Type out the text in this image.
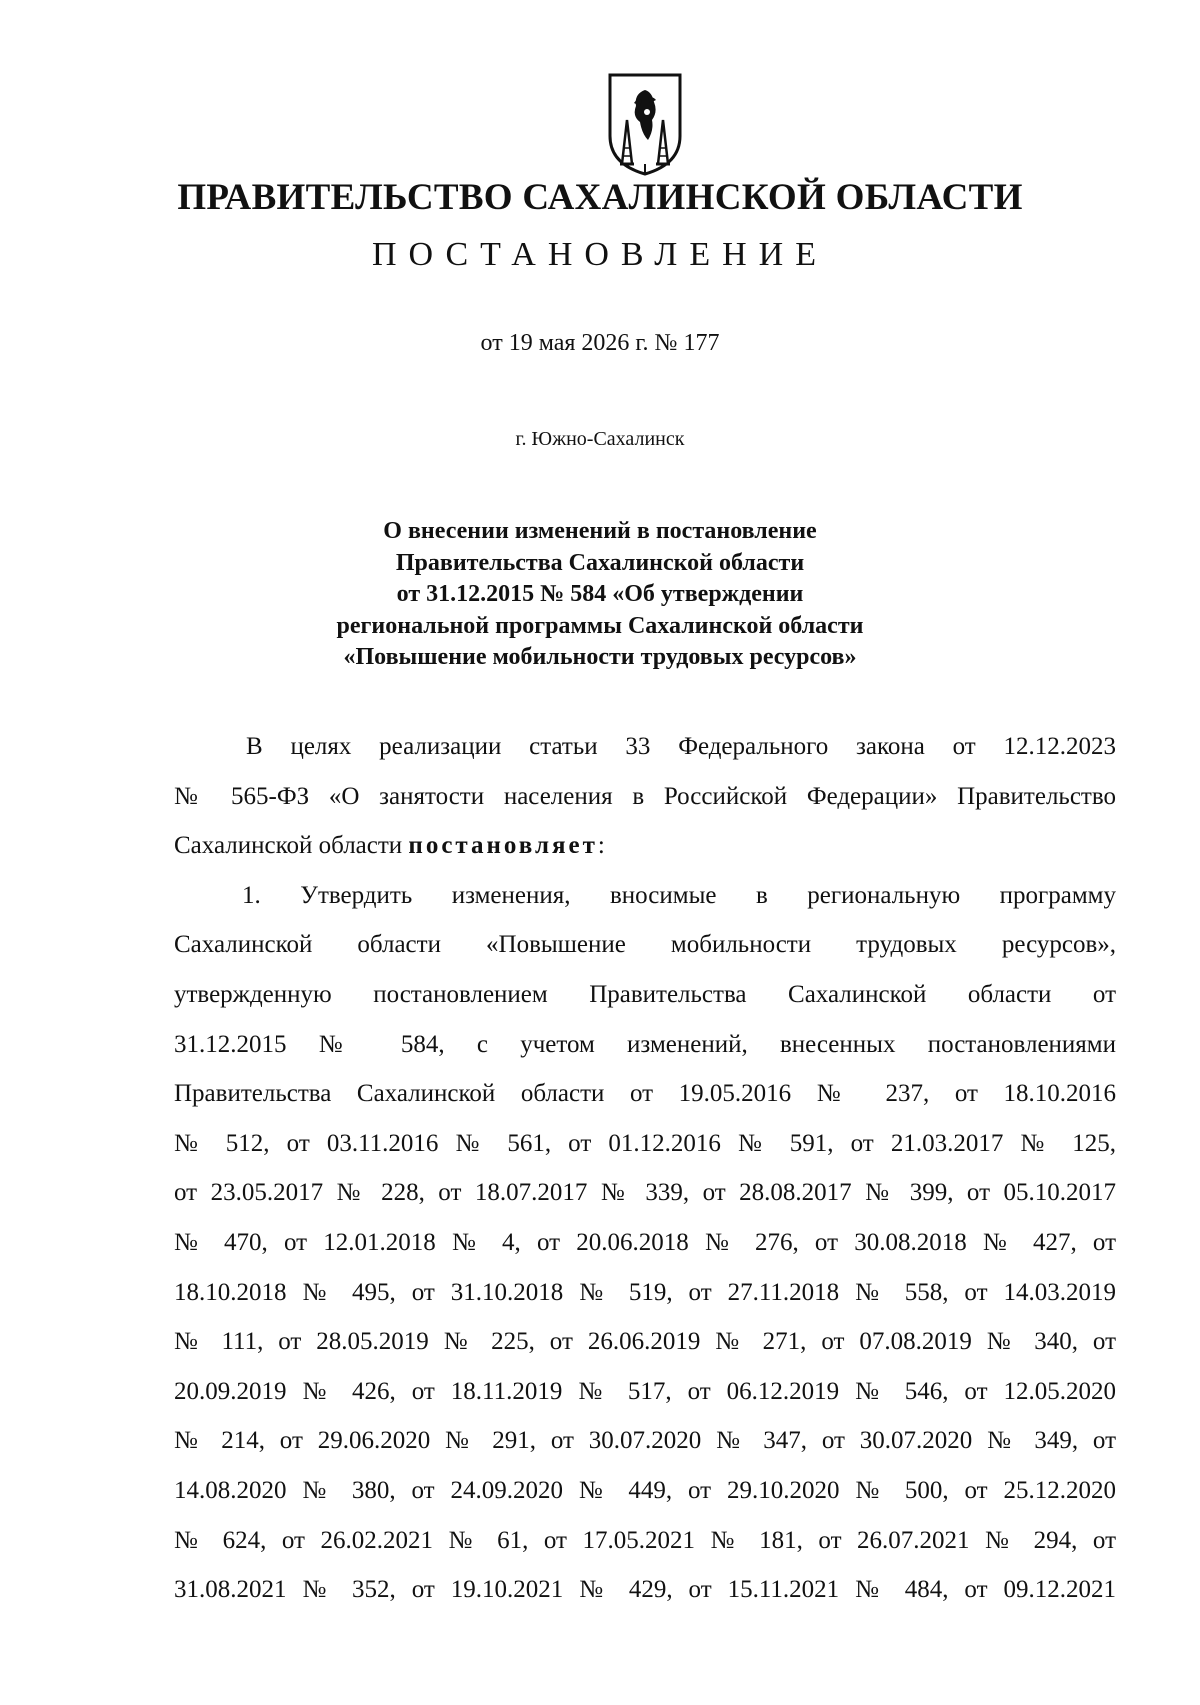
ПРАВИТЕЛЬСТВО САХАЛИНСКОЙ ОБЛАСТИ
ПОСТАНОВЛЕНИЕ
от 19 мая 2026 г. № 177
г. Южно-Сахалинск
О внесении изменений в постановление
Правительства Сахалинской области
от 31.12.2015 № 584 «Об утверждении
региональной программы Сахалинской области
«Повышение мобильности трудовых ресурсов»
В целях реализации статьи 33 Федерального закона от 12.12.2023
№ 565-ФЗ «О занятости населения в Российской Федерации» Правительство
Сахалинской области постановляет:
1. Утвердить изменения, вносимые в региональную программу
Сахалинской области «Повышение мобильности трудовых ресурсов»,
утвержденную постановлением Правительства Сахалинской области от
31.12.2015 № 584, с учетом изменений, внесенных постановлениями
Правительства Сахалинской области от 19.05.2016 № 237, от 18.10.2016
№ 512, от 03.11.2016 № 561, от 01.12.2016 № 591, от 21.03.2017 № 125,
от 23.05.2017 № 228, от 18.07.2017 № 339, от 28.08.2017 № 399, от 05.10.2017
№ 470, от 12.01.2018 № 4, от 20.06.2018 № 276, от 30.08.2018 № 427, от
18.10.2018 № 495, от 31.10.2018 № 519, от 27.11.2018 № 558, от 14.03.2019
№ 111, от 28.05.2019 № 225, от 26.06.2019 № 271, от 07.08.2019 № 340, от
20.09.2019 № 426, от 18.11.2019 № 517, от 06.12.2019 № 546, от 12.05.2020
№ 214, от 29.06.2020 № 291, от 30.07.2020 № 347, от 30.07.2020 № 349, от
14.08.2020 № 380, от 24.09.2020 № 449, от 29.10.2020 № 500, от 25.12.2020
№ 624, от 26.02.2021 № 61, от 17.05.2021 № 181, от 26.07.2021 № 294, от
31.08.2021 № 352, от 19.10.2021 № 429, от 15.11.2021 № 484, от 09.12.2021
